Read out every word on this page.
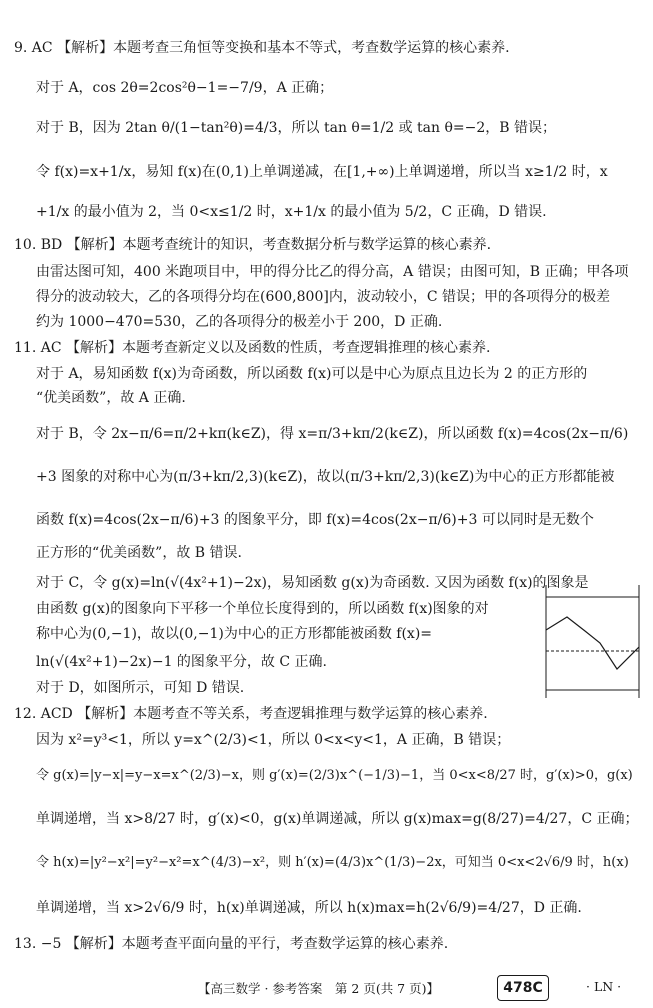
9. AC 【解析】本题考查三角恒等变换和基本不等式，考查数学运算的核心素养.
对于 A，cos 2θ=2cos²θ−1=−7/9，A 正确；
对于 B，因为 2tan θ/(1−tan²θ)=4/3，所以 tan θ=1/2 或 tan θ=−2，B 错误；
令 f(x)=x+1/x，易知 f(x)在(0,1)上单调递减，在[1,+∞)上单调递增，所以当 x≥1/2 时，x
+1/x 的最小值为 2，当 0<x≤1/2 时，x+1/x 的最小值为 5/2，C 正确，D 错误.
10. BD 【解析】本题考查统计的知识，考查数据分析与数学运算的核心素养.
由雷达图可知，400 米跑项目中，甲的得分比乙的得分高，A 错误；由图可知，B 正确；甲各项
得分的波动较大，乙的各项得分均在(600,800]内，波动较小，C 错误；甲的各项得分的极差
约为 1000−470=530，乙的各项得分的极差小于 200，D 正确.
11. AC 【解析】本题考查新定义以及函数的性质，考查逻辑推理的核心素养.
对于 A，易知函数 f(x)为奇函数，所以函数 f(x)可以是中心为原点且边长为 2 的正方形的
“优美函数”，故 A 正确.
对于 B，令 2x−π/6=π/2+kπ(k∈Z)，得 x=π/3+kπ/2(k∈Z)，所以函数 f(x)=4cos(2x−π/6)
+3 图象的对称中心为(π/3+kπ/2,3)(k∈Z)，故以(π/3+kπ/2,3)(k∈Z)为中心的正方形都能被
函数 f(x)=4cos(2x−π/6)+3 的图象平分，即 f(x)=4cos(2x−π/6)+3 可以同时是无数个
正方形的“优美函数”，故 B 错误.
对于 C，令 g(x)=ln(√(4x²+1)−2x)，易知函数 g(x)为奇函数. 又因为函数 f(x)的图象是
由函数 g(x)的图象向下平移一个单位长度得到的，所以函数 f(x)图象的对
称中心为(0,−1)，故以(0,−1)为中心的正方形都能被函数 f(x)=
ln(√(4x²+1)−2x)−1 的图象平分，故 C 正确.
对于 D，如图所示，可知 D 错误.
12. ACD 【解析】本题考查不等关系，考查逻辑推理与数学运算的核心素养.
因为 x²=y³<1，所以 y=x^(2/3)<1，所以 0<x<y<1，A 正确，B 错误；
令 g(x)=|y−x|=y−x=x^(2/3)−x，则 g′(x)=(2/3)x^(−1/3)−1，当 0<x<8/27 时，g′(x)>0，g(x)
单调递增，当 x>8/27 时，g′(x)<0，g(x)单调递减，所以 g(x)max=g(8/27)=4/27，C 正确；
令 h(x)=|y²−x²|=y²−x²=x^(4/3)−x²，则 h′(x)=(4/3)x^(1/3)−2x，可知当 0<x<2√6/9 时，h(x)
单调递增，当 x>2√6/9 时，h(x)单调递减，所以 h(x)max=h(2√6/9)=4/27，D 正确.
13. −5 【解析】本题考查平面向量的平行，考查数学运算的核心素养.
【高三数学 · 参考答案　第 2 页(共 7 页)】	478C	· LN ·
